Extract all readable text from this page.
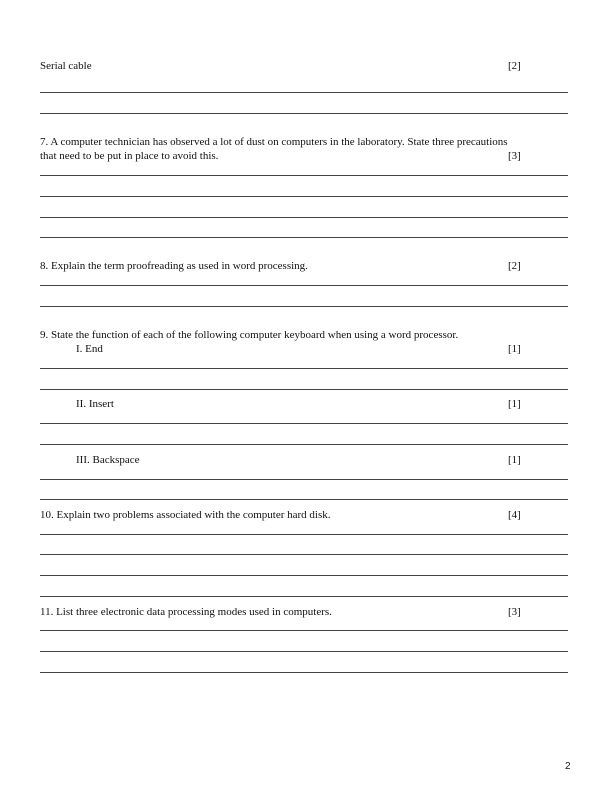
Serial cable	[2]
7. A computer technician has observed a lot of dust on computers in the laboratory. State three precautions
that need to be put in place to avoid this.	[3]
8. Explain the term proofreading as used in word processing.	[2]
9. State the function of each of the following computer keyboard when using a word processor.
I. End	[1]
II. Insert	[1]
III. Backspace	[1]
10. Explain two problems associated with the computer hard disk.	[4]
11. List three electronic data processing modes used in computers.	[3]
2
